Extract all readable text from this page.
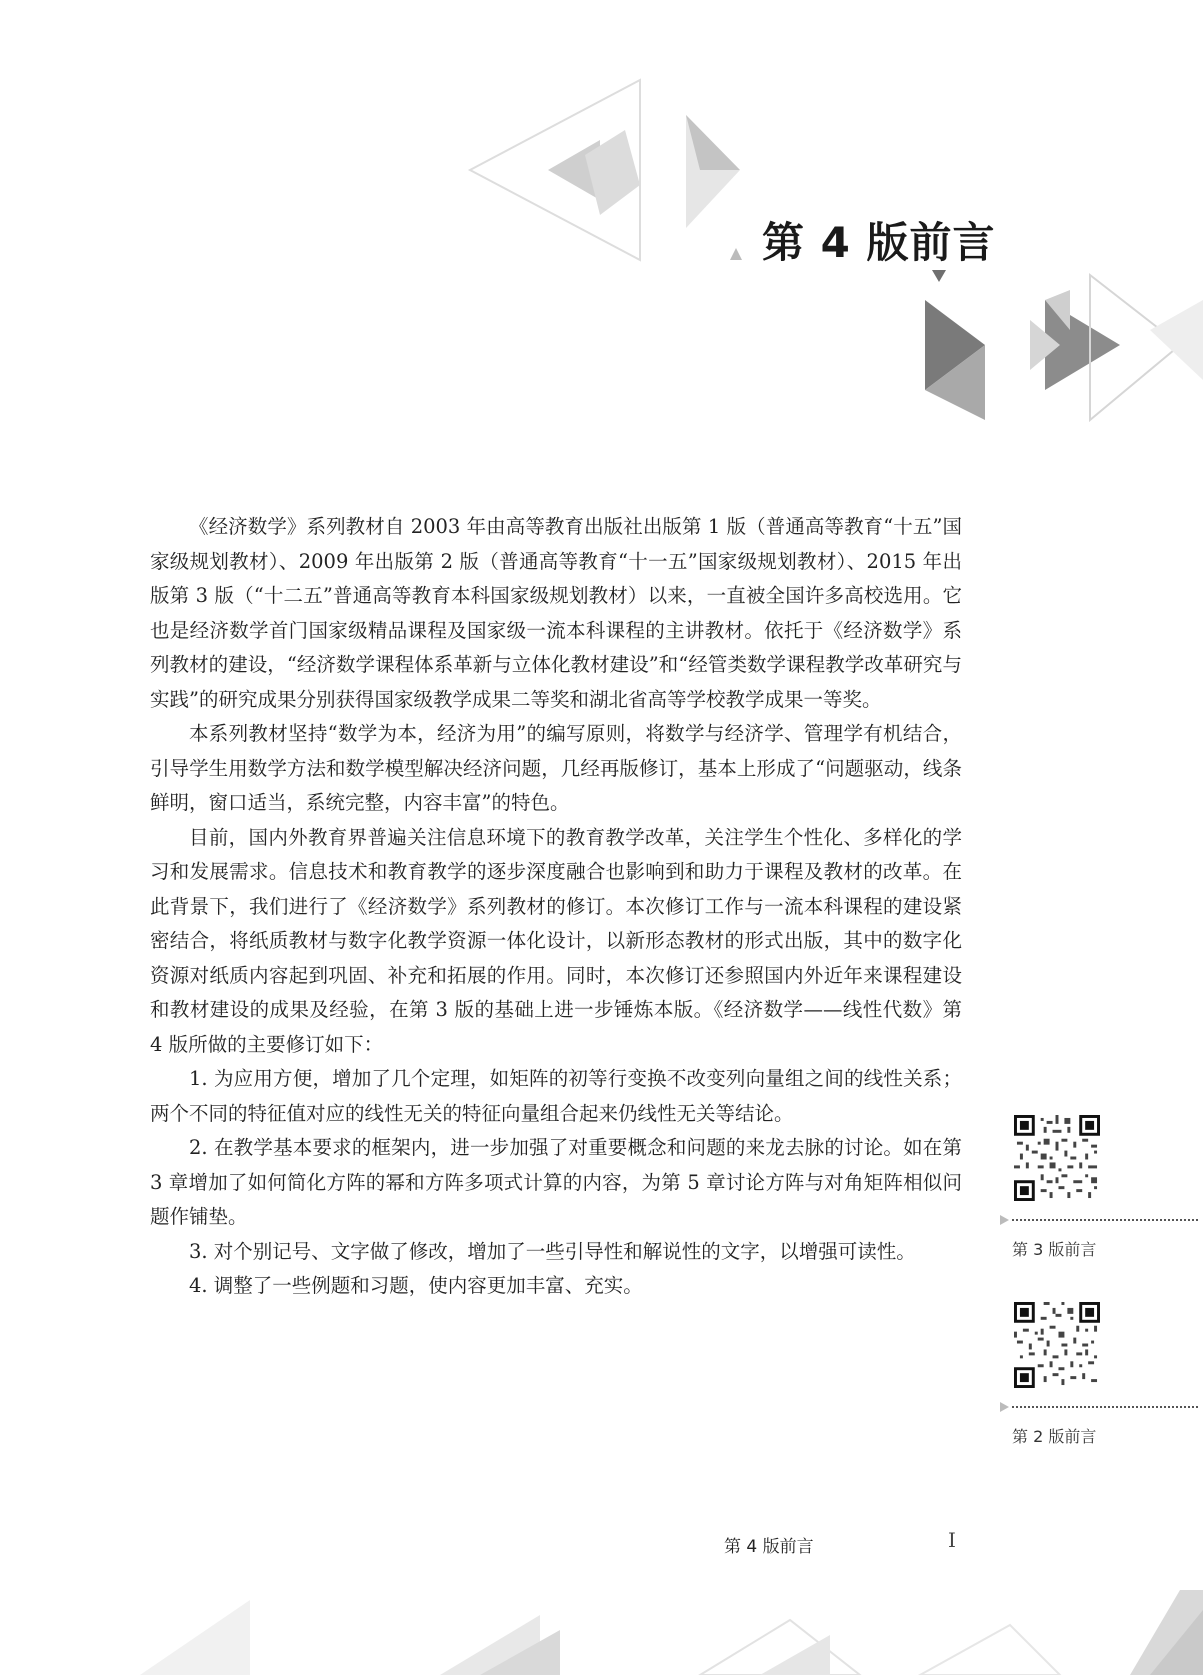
第 4 版前言

《经济数学》系列教材自 2003 年由高等教育出版社出版第 1 版（普通高等教育“十五”国家级规划教材）、2009 年出版第 2 版（普通高等教育“十一五”国家级规划教材）、2015 年出版第 3 版（“十二五”普通高等教育本科国家级规划教材）以来，一直被全国许多高校选用。它也是经济数学首门国家级精品课程及国家级一流本科课程的主讲教材。依托于《经济数学》系列教材的建设，“经济数学课程体系革新与立体化教材建设”和“经管类数学课程教学改革研究与实践”的研究成果分别获得国家级教学成果二等奖和湖北省高等学校教学成果一等奖。

本系列教材坚持“数学为本，经济为用”的编写原则，将数学与经济学、管理学有机结合，引导学生用数学方法和数学模型解决经济问题，几经再版修订，基本上形成了“问题驱动，线条鲜明，窗口适当，系统完整，内容丰富”的特色。

目前，国内外教育界普遍关注信息环境下的教育教学改革，关注学生个性化、多样化的学习和发展需求。信息技术和教育教学的逐步深度融合也影响到和助力于课程及教材的改革。在此背景下，我们进行了《经济数学》系列教材的修订。本次修订工作与一流本科课程的建设紧密结合，将纸质教材与数字化教学资源一体化设计，以新形态教材的形式出版，其中的数字化资源对纸质内容起到巩固、补充和拓展的作用。同时，本次修订还参照国内外近年来课程建设和教材建设的成果及经验，在第 3 版的基础上进一步锤炼本版。《经济数学——线性代数》第 4 版所做的主要修订如下：

1. 为应用方便，增加了几个定理，如矩阵的初等行变换不改变列向量组之间的线性关系；两个不同的特征值对应的线性无关的特征向量组合起来仍线性无关等结论。

2. 在教学基本要求的框架内，进一步加强了对重要概念和问题的来龙去脉的讨论。如在第 3 章增加了如何简化方阵的幂和方阵多项式计算的内容，为第 5 章讨论方阵与对角矩阵相似问题作铺垫。

3. 对个别记号、文字做了修改，增加了一些引导性和解说性的文字，以增强可读性。

4. 调整了一些例题和习题，使内容更加丰富、充实。

第 3 版前言
第 2 版前言
第 4 版前言	Ⅰ
